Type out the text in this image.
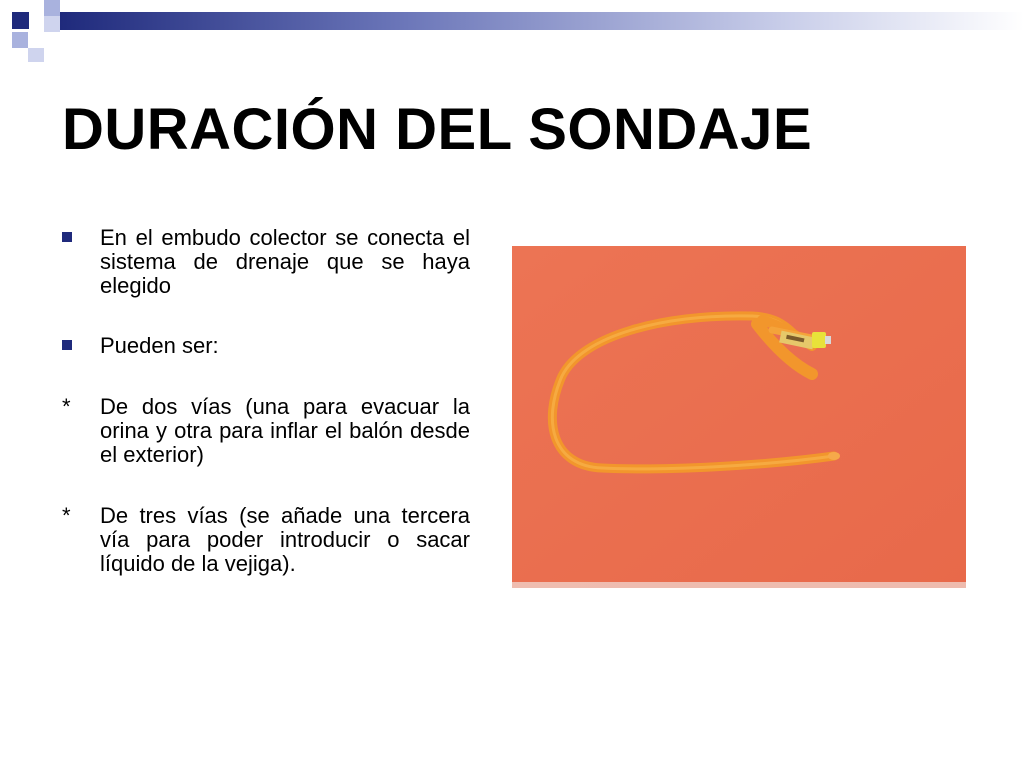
DURACIÓN DEL SONDAJE
En el embudo colector se conecta el sistema de drenaje que se haya elegido
Pueden ser:
* De dos vías (una para evacuar la orina y otra para inflar el balón desde el exterior)
* De tres vías (se añade una tercera vía para poder introducir o sacar líquido de la vejiga).
